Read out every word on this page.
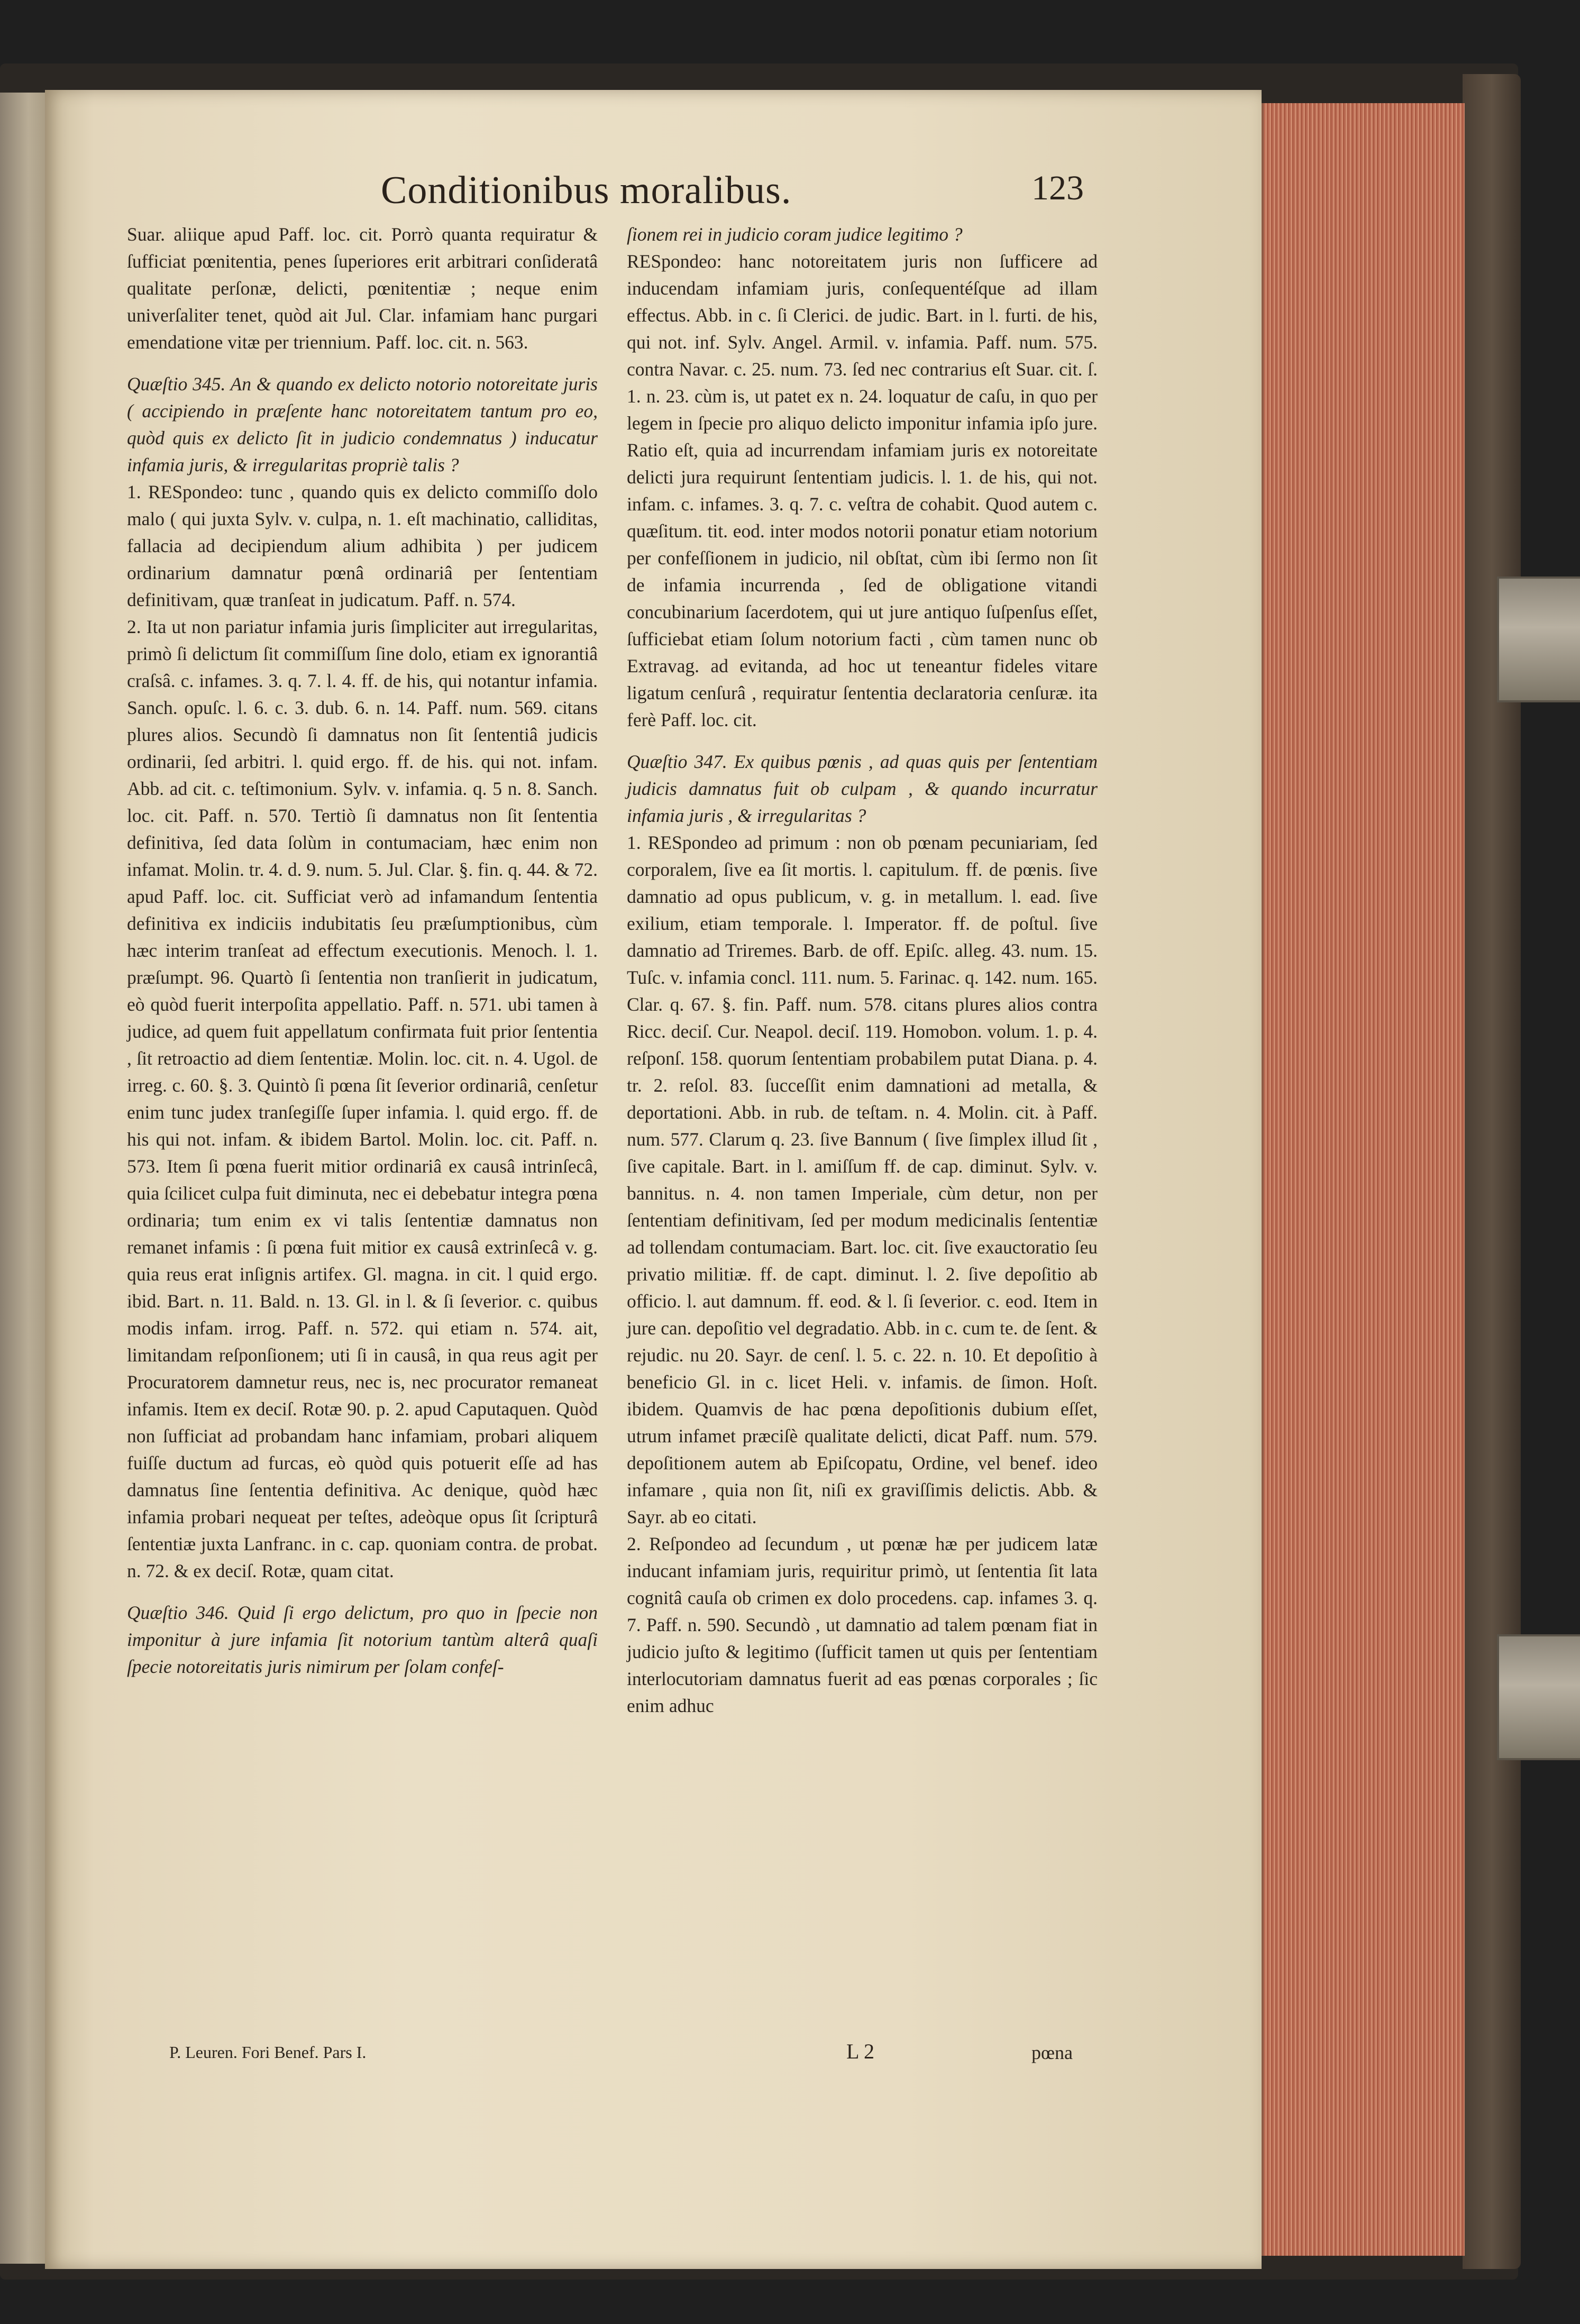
Conditionibus moralibus.	123

Suar. aliique apud Paff. loc. cit. Porrò quanta requiratur & ſufficiat pœnitentia, penes ſuperiores erit arbitrari conſideratâ qualitate perſonæ, delicti, pœnitentiæ ; neque enim univerſaliter tenet, quòd ait Jul. Clar. infamiam hanc purgari emendatione vitæ per triennium. Paff. loc. cit. n. 563.

Quæſtio 345. An & quando ex delicto notorio notoreitate juris ( accipiendo in præſente hanc notoreitatem tantum pro eo, quòd quis ex delicto ſit in judicio condemnatus ) inducatur infamia juris, & irregularitas propriè talis ?

1. RESpondeo: tunc , quando quis ex delicto commiſſo dolo malo ( qui juxta Sylv. v. culpa, n. 1. eſt machinatio, calliditas, fallacia ad decipiendum alium adhibita ) per judicem ordinarium damnatur pœnâ ordinariâ per ſententiam definitivam, quæ tranſeat in judicatum. Paff. n. 574.

2. Ita ut non pariatur infamia juris ſimpliciter aut irregularitas, primò ſi delictum ſit commiſſum ſine dolo, etiam ex ignorantiâ craſsâ. c. infames. 3. q. 7. l. 4. ff. de his, qui notantur infamia. Sanch. opuſc. l. 6. c. 3. dub. 6. n. 14. Paff. num. 569. citans plures alios. Secundò ſi damnatus non ſit ſententiâ judicis ordinarii, ſed arbitri. l. quid ergo. ff. de his. qui not. infam. Abb. ad cit. c. teſtimonium. Sylv. v. infamia. q. 5 n. 8. Sanch. loc. cit. Paff. n. 570. Tertiò ſi damnatus non ſit ſententia definitiva, ſed data ſolùm in contumaciam, hæc enim non infamat. Molin. tr. 4. d. 9. num. 5. Jul. Clar. §. fin. q. 44. & 72. apud Paff. loc. cit. Sufficiat verò ad infamandum ſententia definitiva ex indiciis indubitatis ſeu præſumptionibus, cùm hæc interim tranſeat ad effectum executionis. Menoch. l. 1. præſumpt. 96. Quartò ſi ſententia non tranſierit in judicatum, eò quòd fuerit interpoſita appellatio. Paff. n. 571. ubi tamen à judice, ad quem fuit appellatum confirmata fuit prior ſententia , ſit retroactio ad diem ſententiæ. Molin. loc. cit. n. 4. Ugol. de irreg. c. 60. §. 3. Quintò ſi pœna ſit ſeverior ordinariâ, cenſetur enim tunc judex tranſegiſſe ſuper infamia. l. quid ergo. ff. de his qui not. infam. & ibidem Bartol. Molin. loc. cit. Paff. n. 573. Item ſi pœna fuerit mitior ordinariâ ex causâ intrinſecâ, quia ſcilicet culpa fuit diminuta, nec ei debebatur integra pœna ordinaria; tum enim ex vi talis ſententiæ damnatus non remanet infamis : ſi pœna fuit mitior ex causâ extrinſecâ v. g. quia reus erat inſignis artifex. Gl. magna. in cit. l quid ergo. ibid. Bart. n. 11. Bald. n. 13. Gl. in l. & ſi ſeverior. c. quibus modis infam. irrog. Paff. n. 572. qui etiam n. 574. ait, limitandam reſponſionem; uti ſi in causâ, in qua reus agit per Procuratorem damnetur reus, nec is, nec procurator remaneat infamis. Item ex deciſ. Rotæ 90. p. 2. apud Caputaquen. Quòd non ſufficiat ad probandam hanc infamiam, probari aliquem fuiſſe ductum ad furcas, eò quòd quis potuerit eſſe ad has damnatus ſine ſententia definitiva. Ac denique, quòd hæc infamia probari nequeat per teſtes, adeòque opus ſit ſcripturâ ſententiæ juxta Lanfranc. in c. cap. quoniam contra. de probat. n. 72. & ex deciſ. Rotæ, quam citat.

Quæſtio 346. Quid ſi ergo delictum, pro quo in ſpecie non imponitur à jure infamia ſit notorium tantùm alterâ quaſi ſpecie notoreitatis juris nimirum per ſolam confeſ-

ſionem rei in judicio coram judice legitimo ?

RESpondeo: hanc notoreitatem juris non ſufficere ad inducendam infamiam juris, conſequentéſque ad illam effectus. Abb. in c. ſi Clerici. de judic. Bart. in l. furti. de his, qui not. inf. Sylv. Angel. Armil. v. infamia. Paff. num. 575. contra Navar. c. 25. num. 73. ſed nec contrarius eſt Suar. cit. ſ. 1. n. 23. cùm is, ut patet ex n. 24. loquatur de caſu, in quo per legem in ſpecie pro aliquo delicto imponitur infamia ipſo jure. Ratio eſt, quia ad incurrendam infamiam juris ex notoreitate delicti jura requirunt ſententiam judicis. l. 1. de his, qui not. infam. c. infames. 3. q. 7. c. veſtra de cohabit. Quod autem c. quæſitum. tit. eod. inter modos notorii ponatur etiam notorium per confeſſionem in judicio, nil obſtat, cùm ibi ſermo non ſit de infamia incurrenda , ſed de obligatione vitandi concubinarium ſacerdotem, qui ut jure antiquo ſuſpenſus eſſet, ſufficiebat etiam ſolum notorium facti , cùm tamen nunc ob Extravag. ad evitanda, ad hoc ut teneantur fideles vitare ligatum cenſurâ , requiratur ſententia declaratoria cenſuræ. ita ferè Paff. loc. cit.

Quæſtio 347. Ex quibus pœnis , ad quas quis per ſententiam judicis damnatus fuit ob culpam , & quando incurratur infamia juris , & irregularitas ?

1. RESpondeo ad primum : non ob pœnam pecuniariam, ſed corporalem, ſive ea ſit mortis. l. capitulum. ff. de pœnis. ſive damnatio ad opus publicum, v. g. in metallum. l. ead. ſive exilium, etiam temporale. l. Imperator. ff. de poſtul. ſive damnatio ad Triremes. Barb. de off. Epiſc. alleg. 43. num. 15. Tuſc. v. infamia concl. 111. num. 5. Farinac. q. 142. num. 165. Clar. q. 67. §. fin. Paff. num. 578. citans plures alios contra Ricc. deciſ. Cur. Neapol. deciſ. 119. Homobon. volum. 1. p. 4. reſponſ. 158. quorum ſententiam probabilem putat Diana. p. 4. tr. 2. reſol. 83. ſucceſſit enim damnationi ad metalla, & deportationi. Abb. in rub. de teſtam. n. 4. Molin. cit. à Paff. num. 577. Clarum q. 23. ſive Bannum ( ſive ſimplex illud ſit , ſive capitale. Bart. in l. amiſſum ff. de cap. diminut. Sylv. v. bannitus. n. 4. non tamen Imperiale, cùm detur, non per ſententiam definitivam, ſed per modum medicinalis ſententiæ ad tollendam contumaciam. Bart. loc. cit. ſive exauctoratio ſeu privatio militiæ. ff. de capt. diminut. l. 2. ſive depoſitio ab officio. l. aut damnum. ff. eod. & l. ſi ſeverior. c. eod. Item in jure can. depoſitio vel degradatio. Abb. in c. cum te. de ſent. & rejudic. nu 20. Sayr. de cenſ. l. 5. c. 22. n. 10. Et depoſitio à beneficio Gl. in c. licet Heli. v. infamis. de ſimon. Hoſt. ibidem. Quamvis de hac pœna depoſitionis dubium eſſet, utrum infamet præciſè qualitate delicti, dicat Paff. num. 579. depoſitionem autem ab Epiſcopatu, Ordine, vel benef. ideo infamare , quia non ſit, niſi ex graviſſimis delictis. Abb. & Sayr. ab eo citati.

2. Reſpondeo ad ſecundum , ut pœnæ hæ per judicem latæ inducant infamiam juris, requiritur primò, ut ſententia ſit lata cognitâ cauſa ob crimen ex dolo procedens. cap. infames 3. q. 7. Paff. n. 590. Secundò , ut damnatio ad talem pœnam fiat in judicio juſto & legitimo (ſufficit tamen ut quis per ſententiam interlocutoriam damnatus fuerit ad eas pœnas corporales ; ſic enim adhuc

P. Leuren. Fori Benef. Pars I.	L 2	pœna
